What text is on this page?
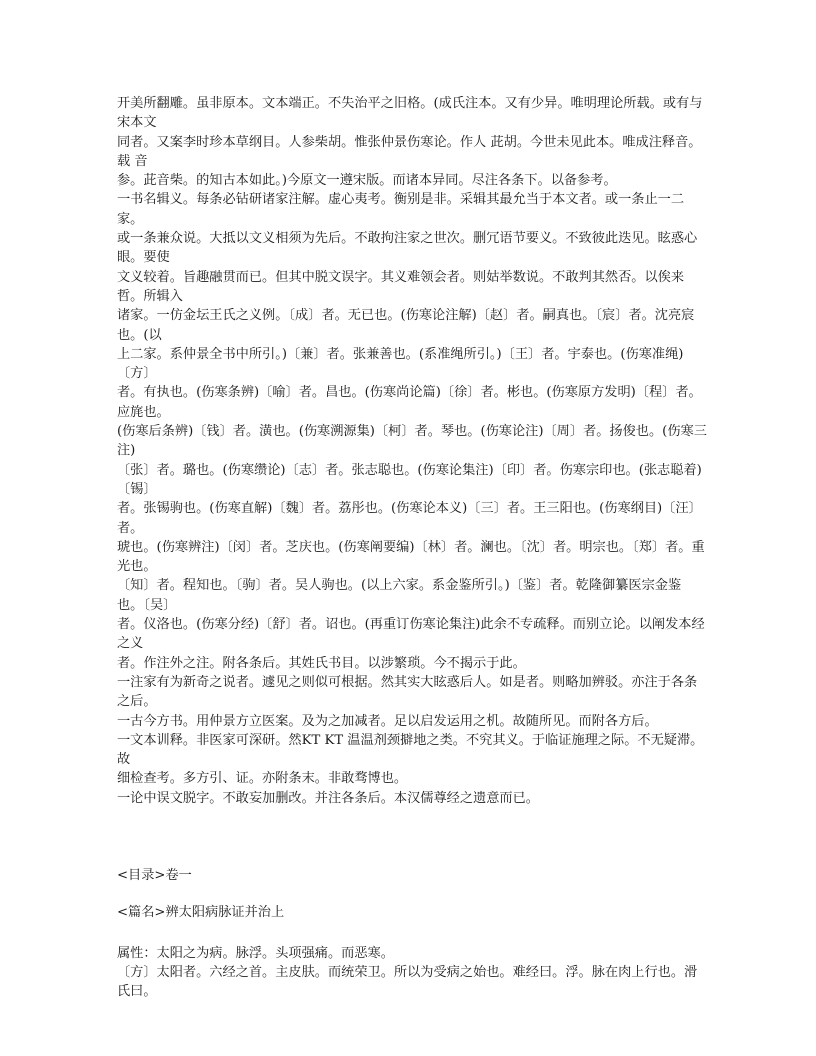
开美所翻雕。虽非原本。文本端正。不失治平之旧格。(成氏注本。又有少异。唯明理论所载。或有与宋本文

同者。又案李时珍本草纲目。人参柴胡。惟张仲景伤寒论。作人 茈胡。今世未见此本。唯成注释音。载 音

参。茈音柴。的知古本如此。)今原文一遵宋版。而诸本异同。尽注各条下。以备参考。

一书名辑义。每条必钻研诸家注解。虚心夷考。衡别是非。采辑其最允当于本文者。或一条止一二家。

或一条兼众说。大抵以文义相须为先后。不敢拘注家之世次。删冗语节要义。不致彼此迭见。眩惑心眼。要使

文义较着。旨趣融贯而已。但其中脱文误字。其义难领会者。则姑举数说。不敢判其然否。以俟来哲。所辑入

诸家。一仿金坛王氏之义例。〔成〕者。无已也。(伤寒论注解)〔赵〕者。嗣真也。〔宸〕者。沈亮宸也。(以

上二家。系仲景全书中所引。)〔兼〕者。张兼善也。(系准绳所引。)〔王〕者。宇泰也。(伤寒准绳)〔方〕

者。有执也。(伤寒条辨)〔喻〕者。昌也。(伤寒尚论篇)〔徐〕者。彬也。(伤寒原方发明)〔程〕者。应旄也。

(伤寒后条辨)〔钱〕者。潢也。(伤寒溯源集)〔柯〕者。琴也。(伤寒论注)〔周〕者。扬俊也。(伤寒三注)

〔张〕者。璐也。(伤寒缵论)〔志〕者。张志聪也。(伤寒论集注)〔印〕者。伤寒宗印也。(张志聪着)〔锡〕

者。张锡驹也。(伤寒直解)〔魏〕者。荔彤也。(伤寒论本义)〔三〕者。王三阳也。(伤寒纲目)〔汪〕者。

琥也。(伤寒辨注)〔闵〕者。芝庆也。(伤寒阐要编)〔林〕者。澜也。〔沈〕者。明宗也。〔郑〕者。重光也。

〔知〕者。程知也。〔驹〕者。吴人驹也。(以上六家。系金鉴所引。)〔鉴〕者。乾隆御纂医宗金鉴也。〔吴〕

者。仪洛也。(伤寒分经)〔舒〕者。诏也。(再重订伤寒论集注)此余不专疏释。而别立论。以阐发本经之义

者。作注外之注。附各条后。其姓氏书目。以涉繁琐。今不揭示于此。

一注家有为新奇之说者。遽见之则似可根据。然其实大眩惑后人。如是者。则略加辨驳。亦注于各条之后。

一古今方书。用仲景方立医案。及为之加减者。足以启发运用之机。故随所见。而附各方后。

一文本训释。非医家可深研。然KT KT 温温剂颈擗地之类。不究其义。于临证施理之际。不无疑滞。故

细检查考。多方引、证。亦附条末。非敢骛博也。

一论中误文脱字。不敢妄加删改。并注各条后。本汉儒尊经之遗意而已。

<目录>卷一

<篇名>辨太阳病脉证并治上

属性：太阳之为病。脉浮。头项强痛。而恶寒。

〔方〕太阳者。六经之首。主皮肤。而统荣卫。所以为受病之始也。难经曰。浮。脉在肉上行也。滑氏曰。
